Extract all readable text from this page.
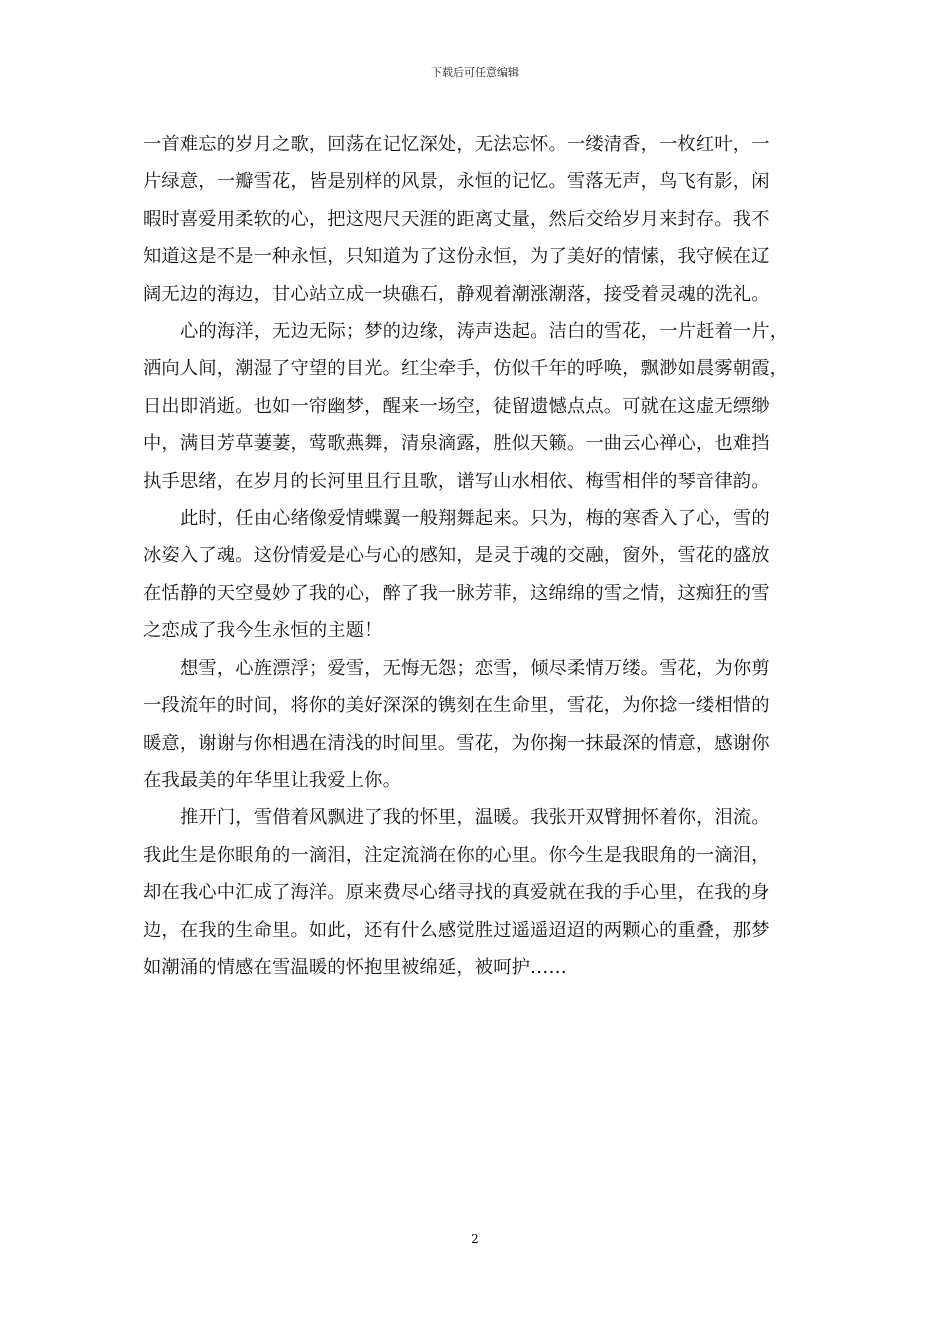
下载后可任意编辑

一首难忘的岁月之歌，回荡在记忆深处，无法忘怀。一缕清香，一枚红叶，一
片绿意，一瓣雪花，皆是别样的风景，永恒的记忆。雪落无声，鸟飞有影，闲
暇时喜爱用柔软的心，把这咫尺天涯的距离丈量，然后交给岁月来封存。我不
知道这是不是一种永恒，只知道为了这份永恒，为了美好的情愫，我守候在辽
阔无边的海边，甘心站立成一块礁石，静观着潮涨潮落，接受着灵魂的洗礼。

心的海洋，无边无际；梦的边缘，涛声迭起。洁白的雪花，一片赶着一片，
洒向人间，潮湿了守望的目光。红尘牵手，仿似千年的呼唤，飘渺如晨雾朝霞，
日出即消逝。也如一帘幽梦，醒来一场空，徒留遗憾点点。可就在这虚无缥缈
中，满目芳草萋萋，莺歌燕舞，清泉滴露，胜似天籁。一曲云心禅心，也难挡
执手思绪，在岁月的长河里且行且歌，谱写山水相依、梅雪相伴的琴音律韵。

此时，任由心绪像爱情蝶翼一般翔舞起来。只为，梅的寒香入了心，雪的
冰姿入了魂。这份情爱是心与心的感知，是灵于魂的交融，窗外，雪花的盛放
在恬静的天空曼妙了我的心，醉了我一脉芳菲，这绵绵的雪之情，这痴狂的雪
之恋成了我今生永恒的主题！

想雪，心旌漂浮；爱雪，无悔无怨；恋雪，倾尽柔情万缕。雪花，为你剪
一段流年的时间，将你的美好深深的镌刻在生命里，雪花，为你捻一缕相惜的
暖意，谢谢与你相遇在清浅的时间里。雪花，为你掬一抹最深的情意，感谢你
在我最美的年华里让我爱上你。

推开门，雪借着风飘进了我的怀里，温暖。我张开双臂拥怀着你，泪流。
我此生是你眼角的一滴泪，注定流淌在你的心里。你今生是我眼角的一滴泪，
却在我心中汇成了海洋。原来费尽心绪寻找的真爱就在我的手心里，在我的身
边，在我的生命里。如此，还有什么感觉胜过遥遥迢迢的两颗心的重叠，那梦
如潮涌的情感在雪温暖的怀抱里被绵延，被呵护……

2
